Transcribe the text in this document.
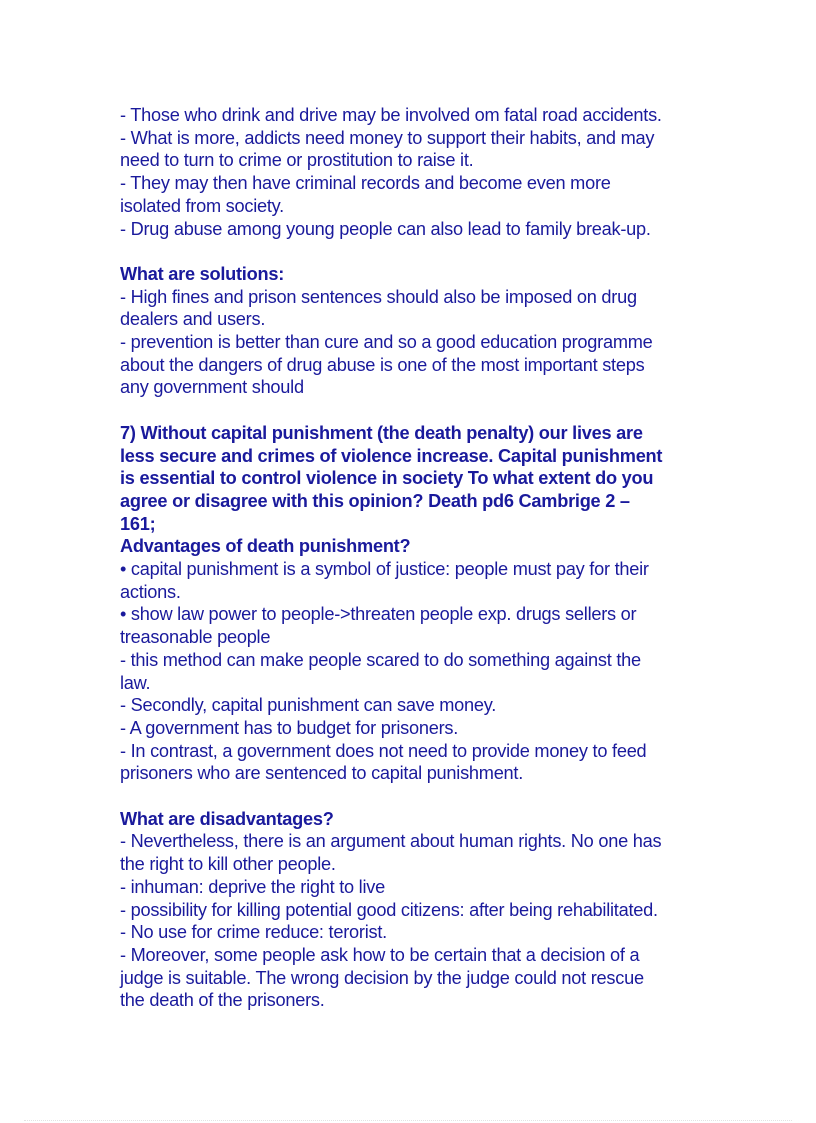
- Those who drink and drive may be involved om fatal road accidents.
- What is more, addicts need money to support their habits, and may
need to turn to crime or prostitution to raise it.
- They may then have criminal records and become even more
isolated from society.
- Drug abuse among young people can also lead to family break-up.
What are solutions:
- High fines and prison sentences should also be imposed on drug
dealers and users.
- prevention is better than cure and so a good education programme
about the dangers of drug abuse is one of the most important steps
any government should
7) Without capital punishment (the death penalty) our lives are
less secure and crimes of violence increase. Capital punishment
is essential to control violence in society To what extent do you
agree or disagree with this opinion? Death pd6 Cambrige 2 –
161;
Advantages of death punishment?
• capital punishment is a symbol of justice: people must pay for their
actions.
• show law power to people->threaten people exp. drugs sellers or
treasonable people
- this method can make people scared to do something against the
law.
- Secondly, capital punishment can save money.
- A government has to budget for prisoners.
- In contrast, a government does not need to provide money to feed
prisoners who are sentenced to capital punishment.
What are disadvantages?
- Nevertheless, there is an argument about human rights. No one has
the right to kill other people.
- inhuman: deprive the right to live
- possibility for killing potential good citizens: after being rehabilitated.
- No use for crime reduce: terorist.
- Moreover, some people ask how to be certain that a decision of a
judge is suitable. The wrong decision by the judge could not rescue
the death of the prisoners.
